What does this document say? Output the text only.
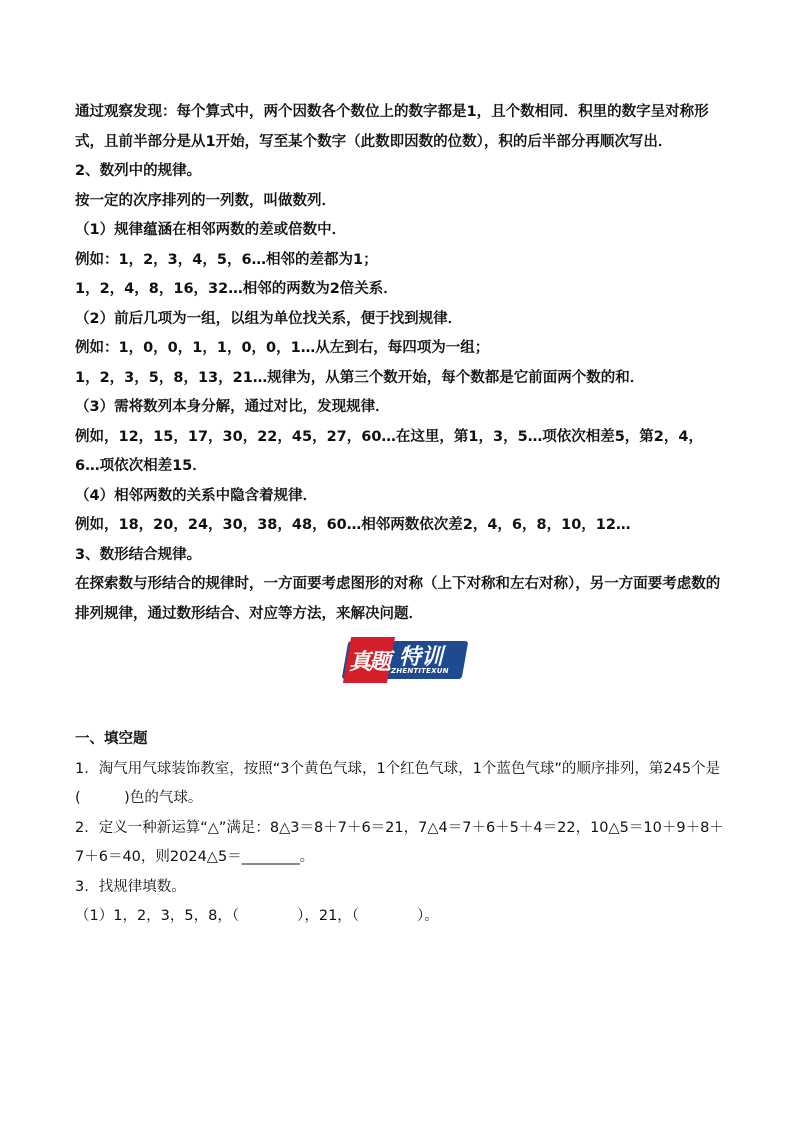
通过观察发现：每个算式中，两个因数各个数位上的数字都是1，且个数相同．积里的数字呈对称形式，且前半部分是从1开始，写至某个数字（此数即因数的位数），积的后半部分再顺次写出．

2、数列中的规律。

按一定的次序排列的一列数，叫做数列．

（1）规律蕴涵在相邻两数的差或倍数中．

例如：1，2，3，4，5，6…相邻的差都为1；

1，2，4，8，16，32…相邻的两数为2倍关系．

（2）前后几项为一组，以组为单位找关系，便于找到规律．

例如：1，0，0，1，1，0，0，1…从左到右，每四项为一组；

1，2，3，5，8，13，21…规律为，从第三个数开始，每个数都是它前面两个数的和．

（3）需将数列本身分解，通过对比，发现规律．

例如，12，15，17，30，22，45，27，60…在这里，第1，3，5…项依次相差5，第2，4，6…项依次相差15．

（4）相邻两数的关系中隐含着规律．

例如，18，20，24，30，38，48，60…相邻两数依次差2，4，6，8，10，12…

3、数形结合规律。

在探索数与形结合的规律时，一方面要考虑图形的对称（上下对称和左右对称），另一方面要考虑数的排列规律，通过数形结合、对应等方法，来解决问题．

真题 特训
ZHENTITEXUN

一、填空题

1．淘气用气球装饰教室，按照“3个黄色气球，1个红色气球，1个蓝色气球”的顺序排列，第245个是(　　　)色的气球。

2．定义一种新运算“△”满足：8△3＝8＋7＋6＝21，7△4＝7＋6＋5＋4＝22，10△5＝10＋9＋8＋7＋6＝40，则2024△5＝________。

3．找规律填数。

（1）1，2，3，5，8，（　　　　），21，（　　　　）。
